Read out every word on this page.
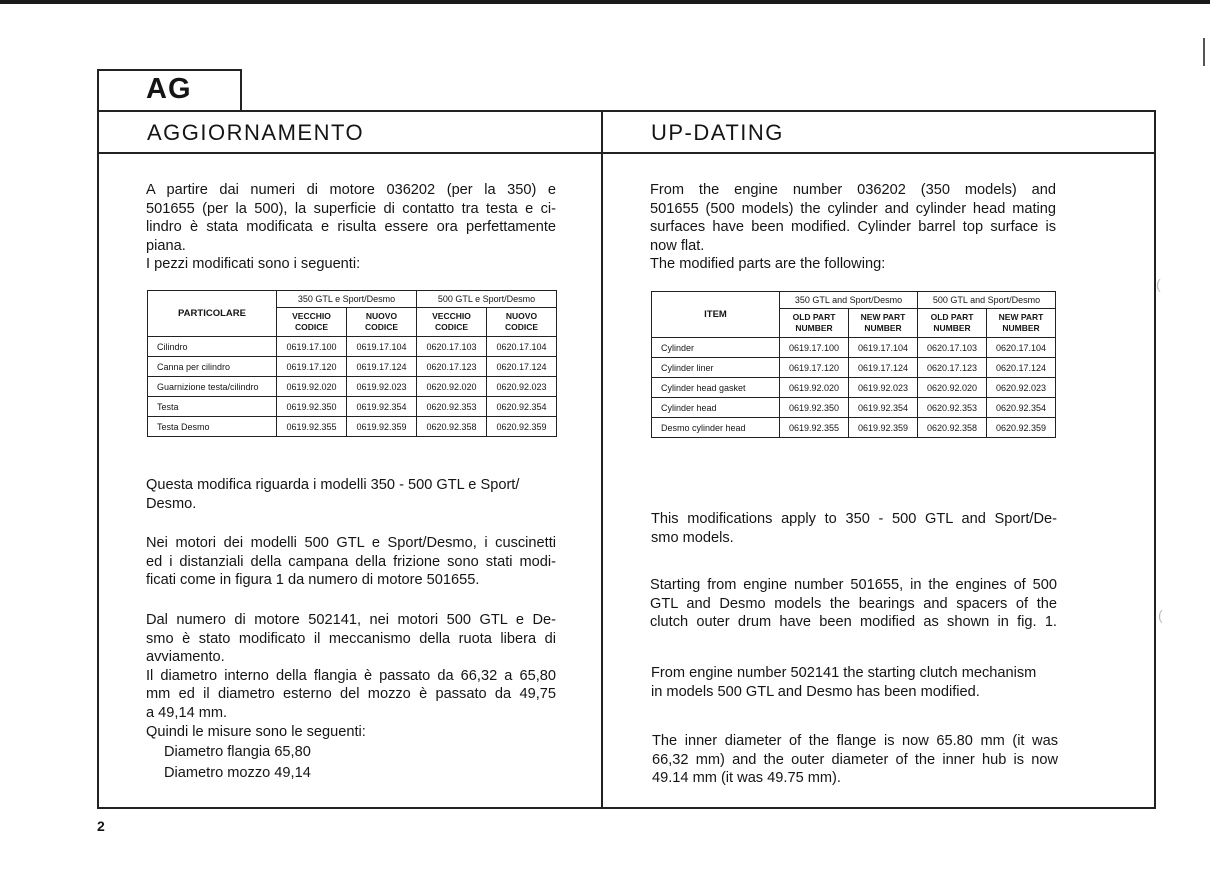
AG
AGGIORNAMENTO

A partire dai numeri di motore 036202 (per la 350) e
501655 (per la 500), la superficie di contatto tra testa e ci-
lindro è stata modificata e risulta essere ora perfettamente
piana.
I pezzi modificati sono i seguenti:

PARTICOLARE	350 GTL e Sport/Desmo		500 GTL e Sport/Desmo	
	VECCHIO CODICE	NUOVO CODICE	VECCHIO CODICE	NUOVO CODICE
Cilindro	0619.17.100	0619.17.104	0620.17.103	0620.17.104
Canna per cilindro	0619.17.120	0619.17.124	0620.17.123	0620.17.124
Guarnizione testa/cilindro	0619.92.020	0619.92.023	0620.92.020	0620.92.023
Testa	0619.92.350	0619.92.354	0620.92.353	0620.92.354
Testa Desmo	0619.92.355	0619.92.359	0620.92.358	0620.92.359

Questa modifica riguarda i modelli 350 - 500 GTL e Sport/
Desmo.

Nei motori dei modelli 500 GTL e Sport/Desmo, i cuscinetti
ed i distanziali della campana della frizione sono stati modi-
ficati come in figura 1 da numero di motore 501655.

Dal numero di motore 502141, nei motori 500 GTL e De-
smo è stato modificato il meccanismo della ruota libera di
avviamento.
Il diametro interno della flangia è passato da 66,32 a 65,80
mm ed il diametro esterno del mozzo è passato da 49,75
a 49,14 mm.
Quindi le misure sono le seguenti:
Diametro flangia 65,80
Diametro mozzo 49,14

UP-DATING

From the engine number 036202 (350 models) and
501655 (500 models) the cylinder and cylinder head mating
surfaces have been modified. Cylinder barrel top surface is
now flat.
The modified parts are the following:

ITEM	350 GTL and Sport/Desmo		500 GTL and Sport/Desmo	
	OLD PART NUMBER	NEW PART NUMBER	OLD PART NUMBER	NEW PART NUMBER
Cylinder	0619.17.100	0619.17.104	0620.17.103	0620.17.104
Cylinder liner	0619.17.120	0619.17.124	0620.17.123	0620.17.124
Cylinder head gasket	0619.92.020	0619.92.023	0620.92.020	0620.92.023
Cylinder head	0619.92.350	0619.92.354	0620.92.353	0620.92.354
Desmo cylinder head	0619.92.355	0619.92.359	0620.92.358	0620.92.359

This modifications apply to 350 - 500 GTL and Sport/De-
smo models.

Starting from engine number 501655, in the engines of 500
GTL and Desmo models the bearings and spacers of the
clutch outer drum have been modified as shown in fig. 1.

From engine number 502141 the starting clutch mechanism
in models 500 GTL and Desmo has been modified.

The inner diameter of the flange is now 65.80 mm (it was
66,32 mm) and the outer diameter of the inner hub is now
49.14 mm (it was 49.75 mm).

2
(
(
